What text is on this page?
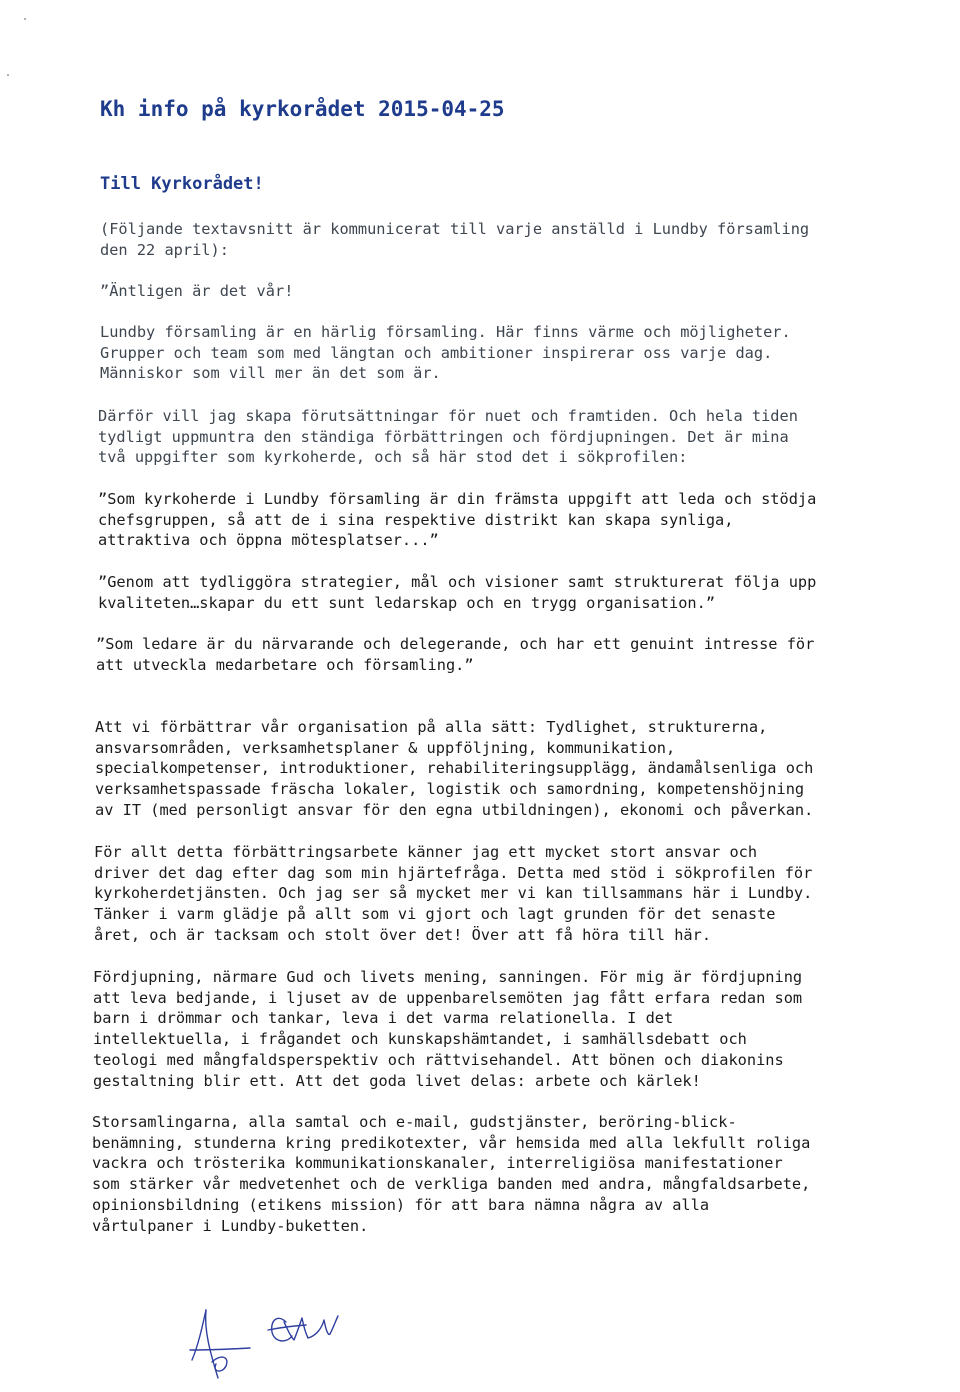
Kh info på kyrkorådet 2015-04-25
Till Kyrkorådet!
(Följande textavsnitt är kommunicerat till varje anställd i Lundby församling
den 22 april):
”Äntligen är det vår!
Lundby församling är en härlig församling. Här finns värme och möjligheter.
Grupper och team som med längtan och ambitioner inspirerar oss varje dag.
Människor som vill mer än det som är.
Därför vill jag skapa förutsättningar för nuet och framtiden. Och hela tiden
tydligt uppmuntra den ständiga förbättringen och fördjupningen. Det är mina
två uppgifter som kyrkoherde, och så här stod det i sökprofilen:
”Som kyrkoherde i Lundby församling är din främsta uppgift att leda och stödja
chefsgruppen, så att de i sina respektive distrikt kan skapa synliga,
attraktiva och öppna mötesplatser...”
”Genom att tydliggöra strategier, mål och visioner samt strukturerat följa upp
kvaliteten…skapar du ett sunt ledarskap och en trygg organisation.”
”Som ledare är du närvarande och delegerande, och har ett genuint intresse för
att utveckla medarbetare och församling.”
Att vi förbättrar vår organisation på alla sätt: Tydlighet, strukturerna,
ansvarsområden, verksamhetsplaner & uppföljning, kommunikation,
specialkompetenser, introduktioner, rehabiliteringsupplägg, ändamålsenliga och
verksamhetspassade fräscha lokaler, logistik och samordning, kompetenshöjning
av IT (med personligt ansvar för den egna utbildningen), ekonomi och påverkan.
För allt detta förbättringsarbete känner jag ett mycket stort ansvar och
driver det dag efter dag som min hjärtefråga. Detta med stöd i sökprofilen för
kyrkoherdetjänsten. Och jag ser så mycket mer vi kan tillsammans här i Lundby.
Tänker i varm glädje på allt som vi gjort och lagt grunden för det senaste
året, och är tacksam och stolt över det! Över att få höra till här.
Fördjupning, närmare Gud och livets mening, sanningen. För mig är fördjupning
att leva bedjande, i ljuset av de uppenbarelsemöten jag fått erfara redan som
barn i drömmar och tankar, leva i det varma relationella. I det
intellektuella, i frågandet och kunskapshämtandet, i samhällsdebatt och
teologi med mångfaldsperspektiv och rättvisehandel. Att bönen och diakonins
gestaltning blir ett. Att det goda livet delas: arbete och kärlek!
Storsamlingarna, alla samtal och e-mail, gudstjänster, beröring-blick-
benämning, stunderna kring predikotexter, vår hemsida med alla lekfullt roliga
vackra och trösterika kommunikationskanaler, interreligiösa manifestationer
som stärker vår medvetenhet och de verkliga banden med andra, mångfaldsarbete,
opinionsbildning (etikens mission) för att bara nämna några av alla
vårtulpaner i Lundby-buketten.
